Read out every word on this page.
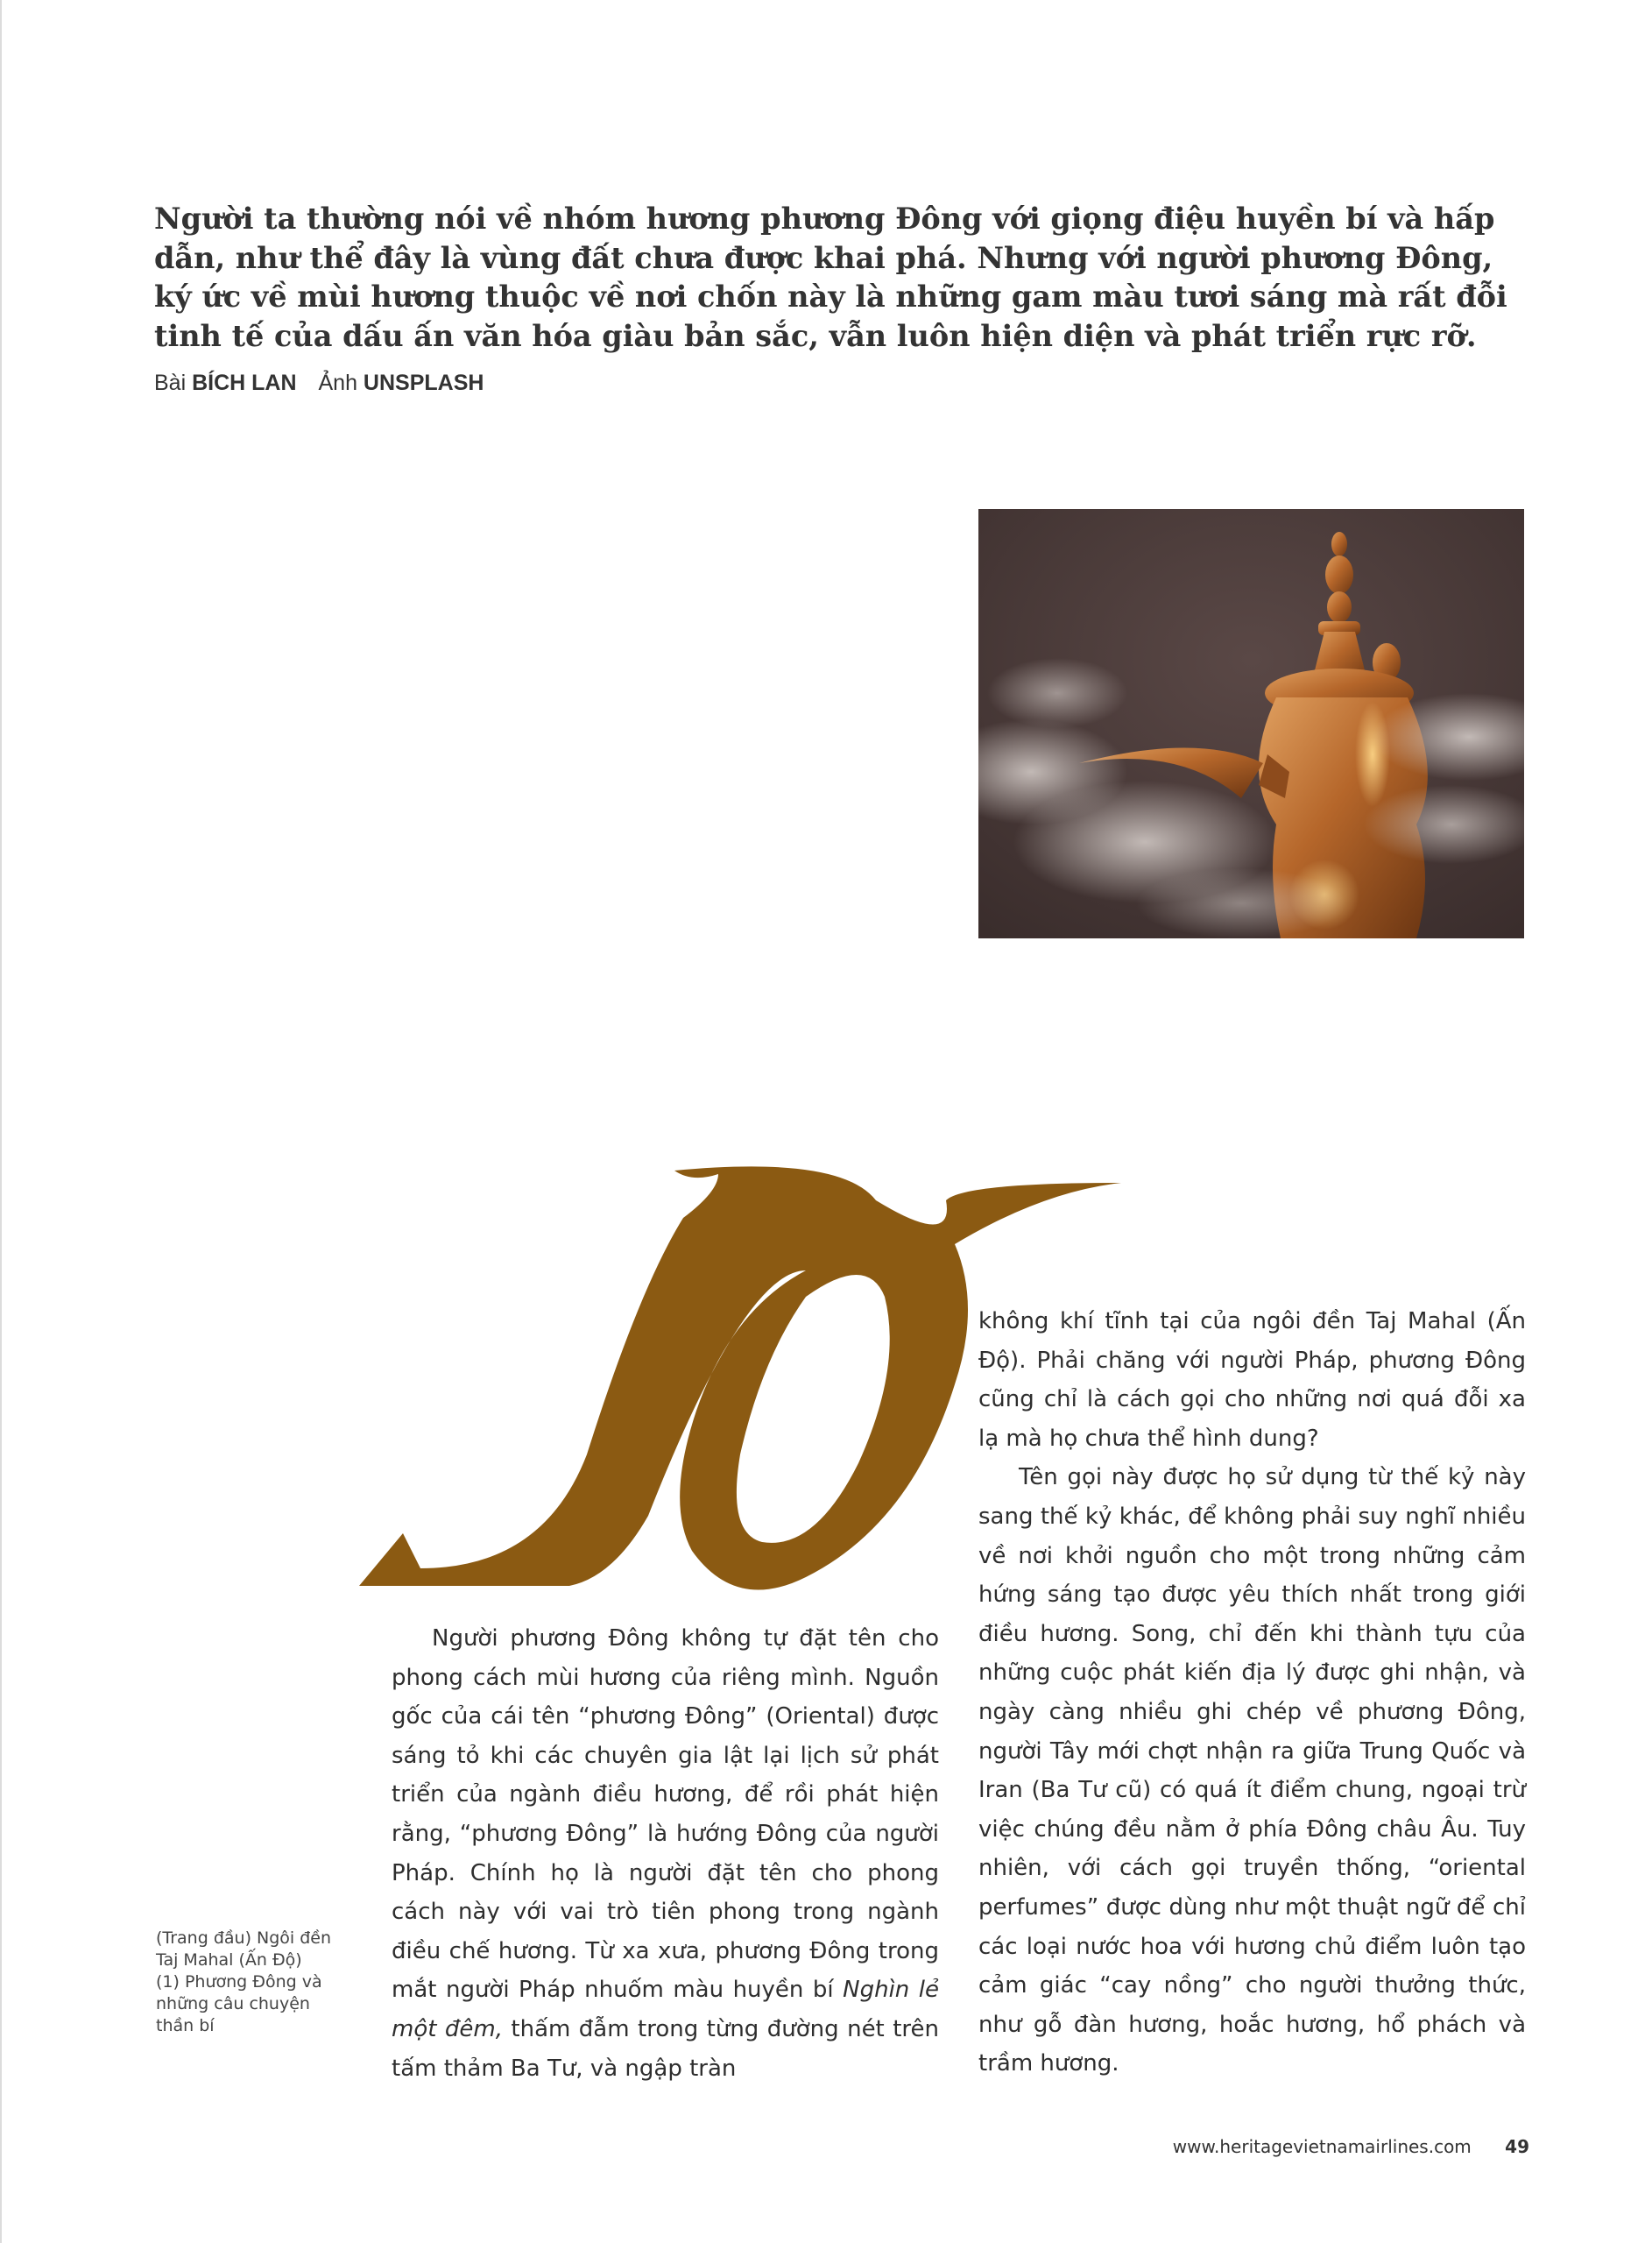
Người ta thường nói về nhóm hương phương Đông với giọng điệu huyền bí và hấp dẫn, như thể đây là vùng đất chưa được khai phá. Nhưng với người phương Đông, ký ức về mùi hương thuộc về nơi chốn này là những gam màu tươi sáng mà rất đỗi tinh tế của dấu ấn văn hóa giàu bản sắc, vẫn luôn hiện diện và phát triển rực rỡ.

Bài BÍCH LAN Ảnh UNSPLASH

Người phương Đông không tự đặt tên cho phong cách mùi hương của riêng mình. Nguồn gốc của cái tên “phương Đông” (Oriental) được sáng tỏ khi các chuyên gia lật lại lịch sử phát triển của ngành điều hương, để rồi phát hiện rằng, “phương Đông” là hướng Đông của người Pháp. Chính họ là người đặt tên cho phong cách này với vai trò tiên phong trong ngành điều chế hương. Từ xa xưa, phương Đông trong mắt người Pháp nhuốm màu huyền bí Nghìn lẻ một đêm, thấm đẫm trong từng đường nét trên tấm thảm Ba Tư, và ngập tràn

không khí tĩnh tại của ngôi đền Taj Mahal (Ấn Độ). Phải chăng với người Pháp, phương Đông cũng chỉ là cách gọi cho những nơi quá đỗi xa lạ mà họ chưa thể hình dung?

Tên gọi này được họ sử dụng từ thế kỷ này sang thế kỷ khác, để không phải suy nghĩ nhiều về nơi khởi nguồn cho một trong những cảm hứng sáng tạo được yêu thích nhất trong giới điều hương. Song, chỉ đến khi thành tựu của những cuộc phát kiến địa lý được ghi nhận, và ngày càng nhiều ghi chép về phương Đông, người Tây mới chợt nhận ra giữa Trung Quốc và Iran (Ba Tư cũ) có quá ít điểm chung, ngoại trừ việc chúng đều nằm ở phía Đông châu Âu. Tuy nhiên, với cách gọi truyền thống, “oriental perfumes” được dùng như một thuật ngữ để chỉ các loại nước hoa với hương chủ điểm luôn tạo cảm giác “cay nồng” cho người thưởng thức, như gỗ đàn hương, hoắc hương, hổ phách và trầm hương.

(Trang đầu) Ngôi đền Taj Mahal (Ấn Độ)
(1) Phương Đông và những câu chuyện thần bí
www.heritagevietnamairlines.com 49
